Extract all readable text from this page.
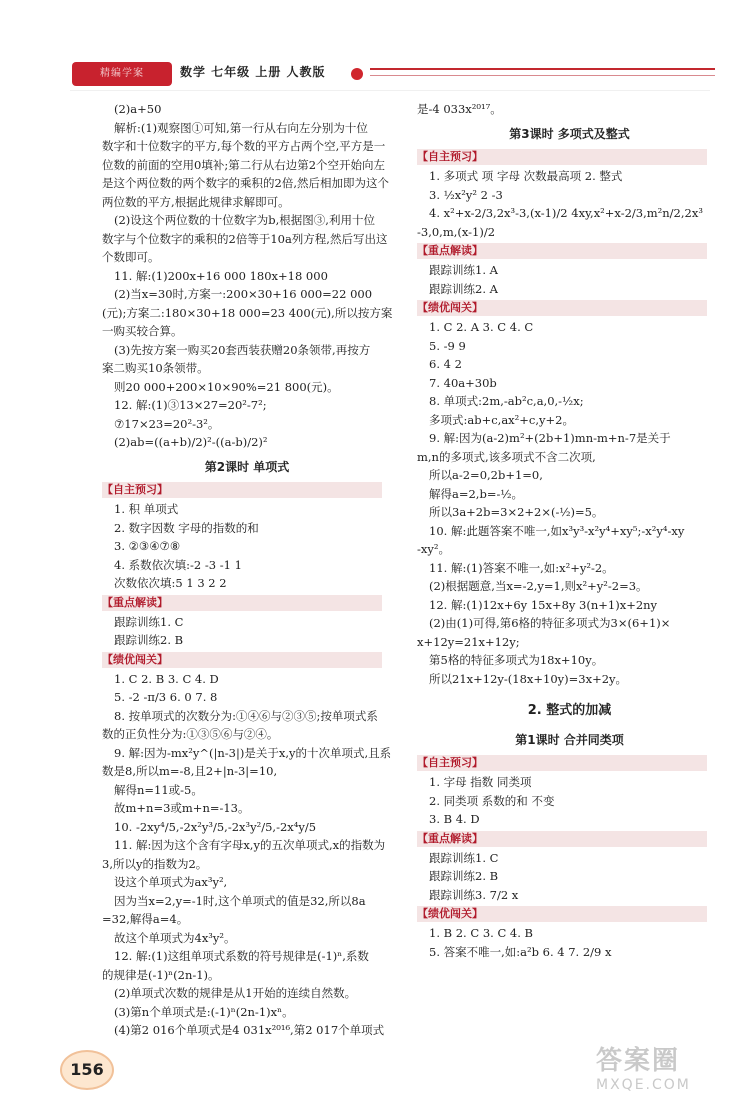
精编学案	数学 七年级 上册 人教版

(2)a+50

解析:(1)观察图①可知,第一行从右向左分别为十位

数字和十位数字的平方,每个数的平方占两个空,平方是一

位数的前面的空用0填补;第二行从右边第2个空开始向左

是这个两位数的两个数字的乘积的2倍,然后相加即为这个

两位数的平方,根据此规律求解即可。

(2)设这个两位数的十位数字为b,根据图③,利用十位

数字与个位数字的乘积的2倍等于10a列方程,然后写出这

个数即可。

11. 解:(1)200x+16 000 180x+18 000

(2)当x=30时,方案一:200×30+16 000=22 000

(元);方案二:180×30+18 000=23 400(元),所以按方案

一购买较合算。

(3)先按方案一购买20套西装获赠20条领带,再按方

案二购买10条领带。

则20 000+200×10×90%=21 800(元)。

12. 解:(1)③13×27=20²-7²;

⑦17×23=20²-3²。

(2)ab=((a+b)/2)²-((a-b)/2)²

第2课时 单项式

【自主预习】

1. 积 单项式

2. 数字因数 字母的指数的和

3. ②③④⑦⑧

4. 系数依次填:-2 -3 -1 1

次数依次填:5 1 3 2 2

【重点解读】

跟踪训练1. C

跟踪训练2. B

【绩优闯关】

1. C 2. B 3. C 4. D

5. -2 -π/3 6. 0 7. 8

8. 按单项式的次数分为:①④⑥与②③⑤;按单项式系

数的正负性分为:①③⑤⑥与②④。

9. 解:因为-mx²y^(|n-3|)是关于x,y的十次单项式,且系

数是8,所以m=-8,且2+|n-3|=10,

解得n=11或-5。

故m+n=3或m+n=-13。

10. -2xy⁴/5,-2x²y³/5,-2x³y²/5,-2x⁴y/5

11. 解:因为这个含有字母x,y的五次单项式,x的指数为

3,所以y的指数为2。

设这个单项式为ax³y²,

因为当x=2,y=-1时,这个单项式的值是32,所以8a

=32,解得a=4。

故这个单项式为4x³y²。

12. 解:(1)这组单项式系数的符号规律是(-1)ⁿ,系数

的规律是(-1)ⁿ(2n-1)。

(2)单项式次数的规律是从1开始的连续自然数。

(3)第n个单项式是:(-1)ⁿ(2n-1)xⁿ。

(4)第2 016个单项式是4 031x²⁰¹⁶,第2 017个单项式

是-4 033x²⁰¹⁷。

第3课时 多项式及整式

【自主预习】

1. 多项式 项 字母 次数最高项 2. 整式

3. ½x²y² 2 -3

4. x²+x-2/3,2x³-3,(x-1)/2 4xy,x²+x-2/3,m²n/2,2x³

-3,0,m,(x-1)/2

【重点解读】

跟踪训练1. A

跟踪训练2. A

【绩优闯关】

1. C 2. A 3. C 4. C

5. -9 9

6. 4 2

7. 40a+30b

8. 单项式:2m,-ab²c,a,0,-½x;

多项式:ab+c,ax²+c,y+2。

9. 解:因为(a-2)m²+(2b+1)mn-m+n-7是关于

m,n的多项式,该多项式不含二次项,

所以a-2=0,2b+1=0,

解得a=2,b=-½。

所以3a+2b=3×2+2×(-½)=5。

10. 解:此题答案不唯一,如x³y³-x²y⁴+xy⁵;-x²y⁴-xy

-xy²。

11. 解:(1)答案不唯一,如:x²+y²-2。

(2)根据题意,当x=-2,y=1,则x²+y²-2=3。

12. 解:(1)12x+6y 15x+8y 3(n+1)x+2ny

(2)由(1)可得,第6格的特征多项式为3×(6+1)×

x+12y=21x+12y;

第5格的特征多项式为18x+10y。

所以21x+12y-(18x+10y)=3x+2y。

2. 整式的加减

第1课时 合并同类项

【自主预习】

1. 字母 指数 同类项

2. 同类项 系数的和 不变

3. B 4. D

【重点解读】

跟踪训练1. C

跟踪训练2. B

跟踪训练3. 7/2 x

【绩优闯关】

1. B 2. C 3. C 4. B

5. 答案不唯一,如:a²b 6. 4 7. 2/9 x

156	答案圈
MXQE.COM
